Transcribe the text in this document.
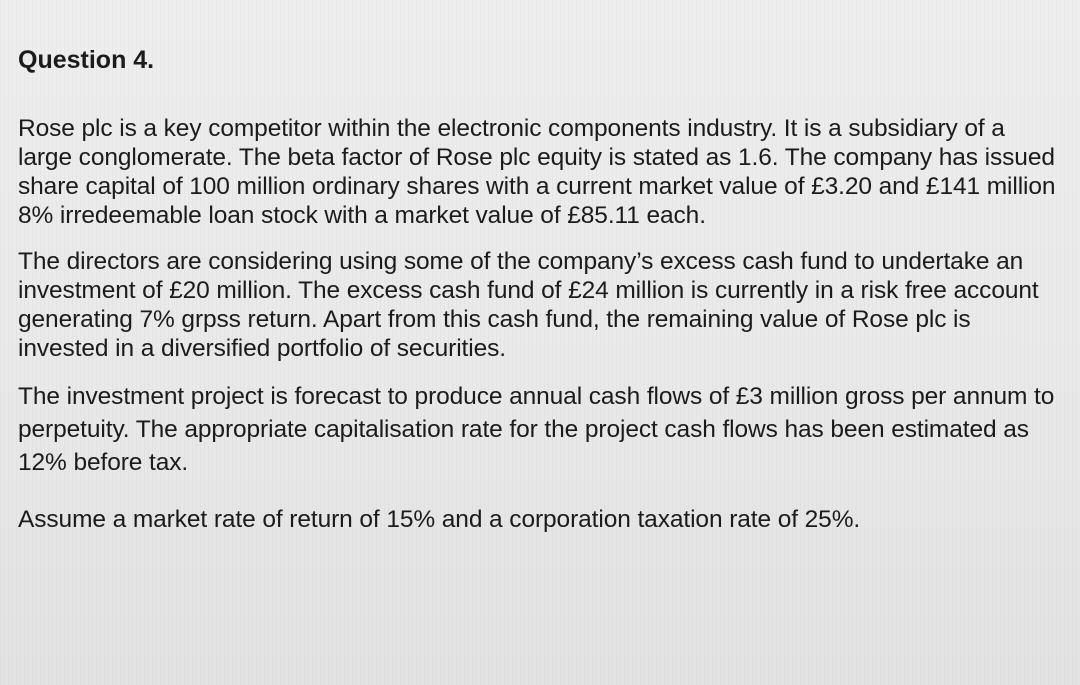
Question 4.
Rose plc is a key competitor within the electronic components industry. It is a subsidiary of a large conglomerate. The beta factor of Rose plc equity is stated as 1.6. The company has issued share capital of 100 million ordinary shares with a current market value of £3.20 and £141 million 8% irredeemable loan stock with a market value of £85.11 each.
The directors are considering using some of the company’s excess cash fund to undertake an investment of £20 million. The excess cash fund of £24 million is currently in a risk free account generating 7% grpss return. Apart from this cash fund, the remaining value of Rose plc is invested in a diversified portfolio of securities.
The investment project is forecast to produce annual cash flows of £3 million gross per annum to perpetuity. The appropriate capitalisation rate for the project cash flows has been estimated as 12% before tax.
Assume a market rate of return of 15% and a corporation taxation rate of 25%.
